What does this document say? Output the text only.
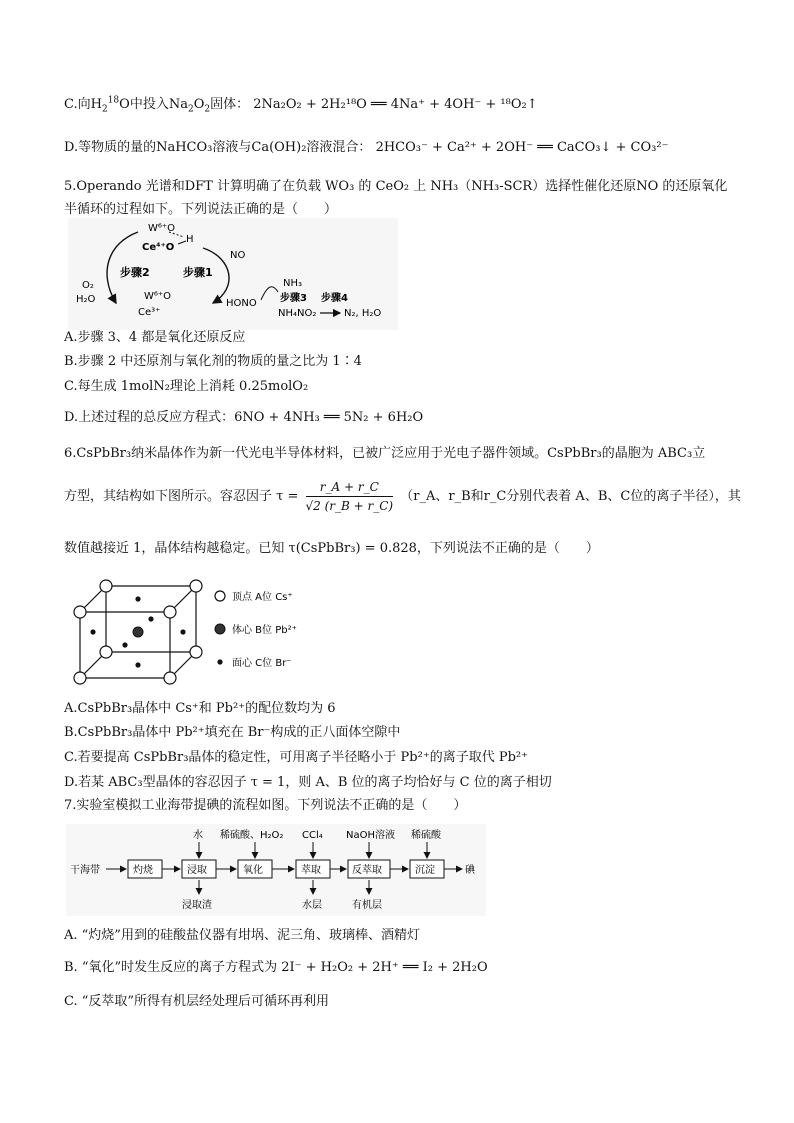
C.向$H_2^{18}O$中投入$Na_2O_2$固体： 2Na₂O₂ + 2H₂¹⁸O ══ 4Na⁺ + 4OH⁻ + ¹⁸O₂↑
D.等物质的量的NaHCO₃溶液与Ca(OH)₂溶液混合： 2HCO₃⁻ + Ca²⁺ + 2OH⁻ ══ CaCO₃↓ + CO₃²⁻
5.Operando 光谱和DFT 计算明确了在负载 WO₃ 的 CeO₂ 上 NH₃（NH₃-SCR）选择性催化还原NO 的还原氧化
半循环的过程如下。下列说法正确的是（　　）
W⁶⁺O
H
Ce⁴⁺O
步骤2	步骤1
NO
O₂
H₂O	W⁶⁺O
Ce³⁺
HONO
NH₃
步骤3 步骤4
NH₄NO₂	N₂, H₂O
A.步骤 3、4 都是氧化还原反应
B.步骤 2 中还原剂与氧化剂的物质的量之比为 1∶4
C.每生成 1molN₂理论上消耗 0.25molO₂
D.上述过程的总反应方程式：6NO + 4NH₃ ══ 5N₂ + 6H₂O
6.CsPbBr₃纳米晶体作为新一代光电半导体材料，已被广泛应用于光电子器件领域。CsPbBr₃的晶胞为 ABC₃立
方型，其结构如下图所示。容忍因子 $\tau = \frac{r\_A + r\_C}{√2 (r\_B + r\_C)}$ （r_A、r_B和r_C分别代表着 A、B、C位的离子半径），其
数值越接近 1，晶体结构越稳定。已知 τ(CsPbBr₃) = 0.828，下列说法不正确的是（　　）
顶点 A位 Cs⁺
体心 B位 Pb²⁺
面心 C位 Br⁻
A.CsPbBr₃晶体中 Cs⁺和 Pb²⁺的配位数均为 6
B.CsPbBr₃晶体中 Pb²⁺填充在 Br⁻构成的正八面体空隙中
C.若要提高 CsPbBr₃晶体的稳定性，可用离子半径略小于 Pb²⁺的离子取代 Pb²⁺
D.若某 ABC₃型晶体的容忍因子 τ = 1，则 A、B 位的离子均恰好与 C 位的离子相切
7.实验室模拟工业海带提碘的流程如图。下列说法不正确的是（　　）
干海带	灼烧	浸取	氧化	萃取	反萃取	沉淀	碘
水 稀硫酸、H₂O₂ CCl₄ NaOH溶液 稀硫酸
浸取渣	水层	有机层
A. “灼烧”用到的硅酸盐仪器有坩埚、泥三角、玻璃棒、酒精灯
B. “氧化”时发生反应的离子方程式为 2I⁻ + H₂O₂ + 2H⁺ ══ I₂ + 2H₂O
C. “反萃取”所得有机层经处理后可循环再利用
